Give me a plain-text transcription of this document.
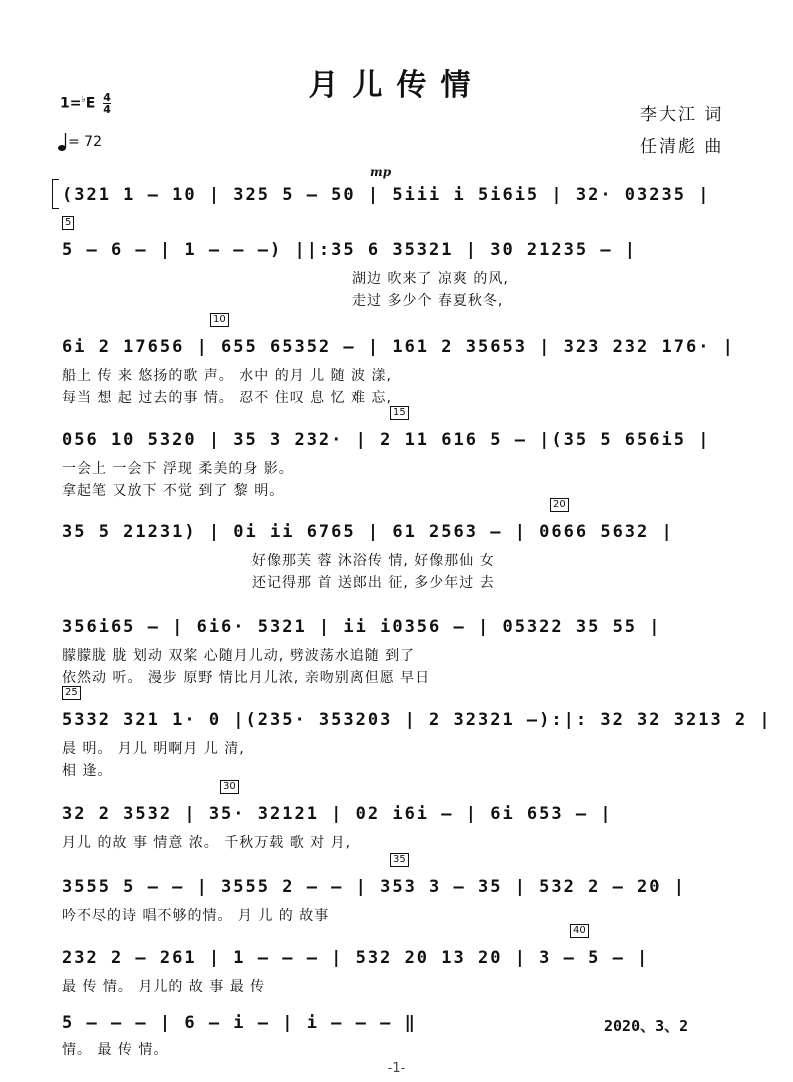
月儿传情
$1=^♭E \frac{4}{4}$
= 72
李大江 词
任清彪 曲
mp
(321 1 – 10 | 325 5 – 50 | 5iii i 5i6i5 | 32· 03235 |
5
5 – 6 – | 1 – – –) ||:35 6 35321 | 30 21235 – |
湖边 吹来了 凉爽 的风,
走过 多少个 春夏秋冬,
10
6i 2 17656 | 655 65352 – | 161 2 35653 | 323 232 176· |
船上 传 来 悠扬的歌 声。 水中 的月 儿 随 波 漾,
每当 想 起 过去的事 情。 忍不 住叹 息 忆 难 忘,
15
056 10 5320 | 35 3 232· | 2 11 616 5 – |(35 5 656i5 |
一会上 一会下 浮现 柔美的身 影。
拿起笔 又放下 不觉 到了 黎 明。
20
35 5 21231) | 0i ii 6765 | 61 2563 – | 0666 5632 |
好像那芙 蓉 沐浴传 情, 好像那仙 女
还记得那 首 送郎出 征, 多少年过 去
356i65 – | 6i6· 5321 | ii i0356 – | 05322 35 55 |
朦朦胧 胧 划动 双桨 心随月儿动, 劈波荡水追随 到了
依然动 听。 漫步 原野 情比月儿浓, 亲吻别离但愿 早日
25
5332 321 1· 0 |(235· 353203 | 2 32321 –):|: 32 32 3213 2 |
晨 明。 月儿 明啊月 儿 清,
相 逢。
30
32 2 3532 | 35· 32121 | 02 i6i – | 6i 653 – |
月儿 的故 事 情意 浓。 千秋万载 歌 对 月,
35
3555 5 – – | 3555 2 – – | 353 3 – 35 | 532 2 – 20 |
吟不尽的诗 唱不够的情。 月 儿 的 故事
40
232 2 – 261 | 1 – – – | 532 20 13 20 | 3 – 5 – |
最 传 情。 月儿的 故 事 最 传
5 – – – | 6 – i – | i – – – ‖	2020、3、2
情。 最 传 情。
-1-
